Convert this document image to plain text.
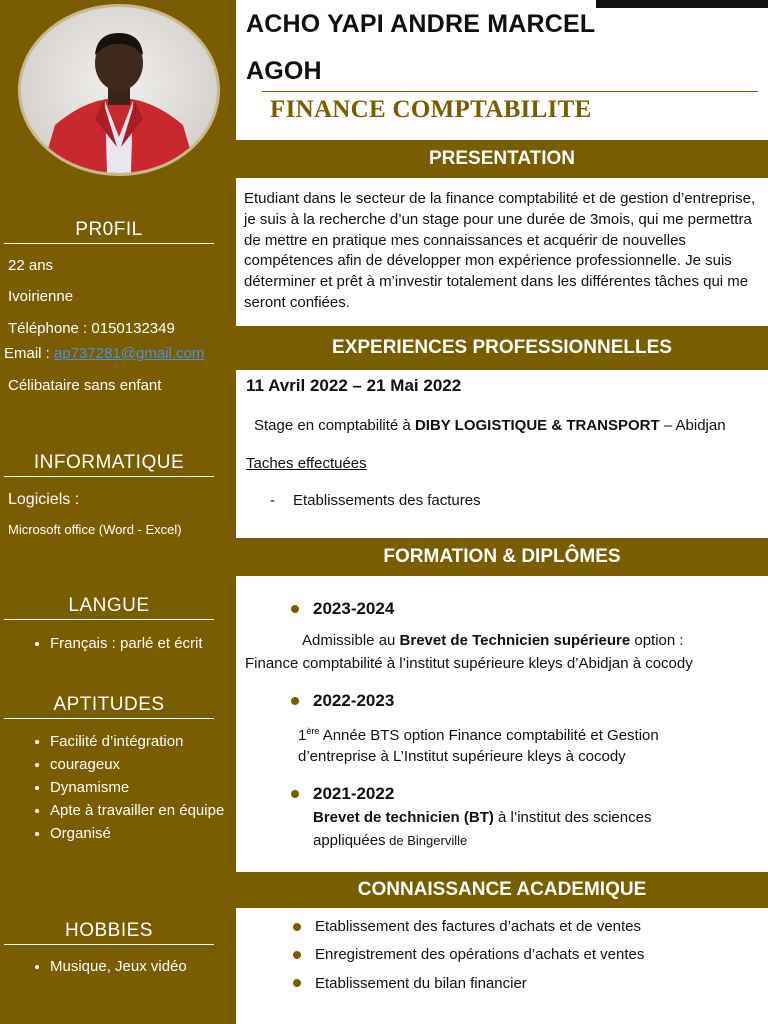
PR0FIL
22 ans
Ivoirienne
Téléphone : 0150132349
Email : ap737281@gmail.com
Célibataire sans enfant
INFORMATIQUE
Logiciels :
Microsoft office (Word - Excel)
LANGUE
• Français : parlé et écrit
APTITUDES
• Facilité d’intégration
• courageux
• Dynamisme
• Apte à travailler en équipe
• Organisé
HOBBIES
• Musique, Jeux vidéo
ACHO YAPI ANDRE MARCEL
AGOH
FINANCE COMPTABILITE
PRESENTATION

Etudiant dans le secteur de la finance comptabilité et de gestion d’entreprise, je suis à la recherche d’un stage pour une durée de 3mois, qui me permettra de mettre en pratique mes connaissances et acquérir de nouvelles compétences afin de développer mon expérience professionnelle. Je suis déterminer et prêt à m’investir totalement dans les différentes tâches qui me seront confiées.

EXPERIENCES PROFESSIONNELLES
11 Avril 2022 – 21 Mai 2022
Stage en comptabilité à DIBY LOGISTIQUE & TRANSPORT – Abidjan
Taches effectuées
- Etablissements des factures
FORMATION & DIPLÔMES
2023-2024
Admissible au Brevet de Technicien supérieure option :
Finance comptabilité à l’institut supérieure kleys d’Abidjan à cocody
2022-2023
1ère Année BTS option Finance comptabilité et Gestion
d’entreprise à L’Institut supérieure kleys à cocody
2021-2022
Brevet de technicien (BT) à l’institut des sciences
appliquées de Bingerville
CONNAISSANCE ACADEMIQUE
Etablissement des factures d’achats et de ventes
Enregistrement des opérations d’achats et ventes
Etablissement du bilan financier
